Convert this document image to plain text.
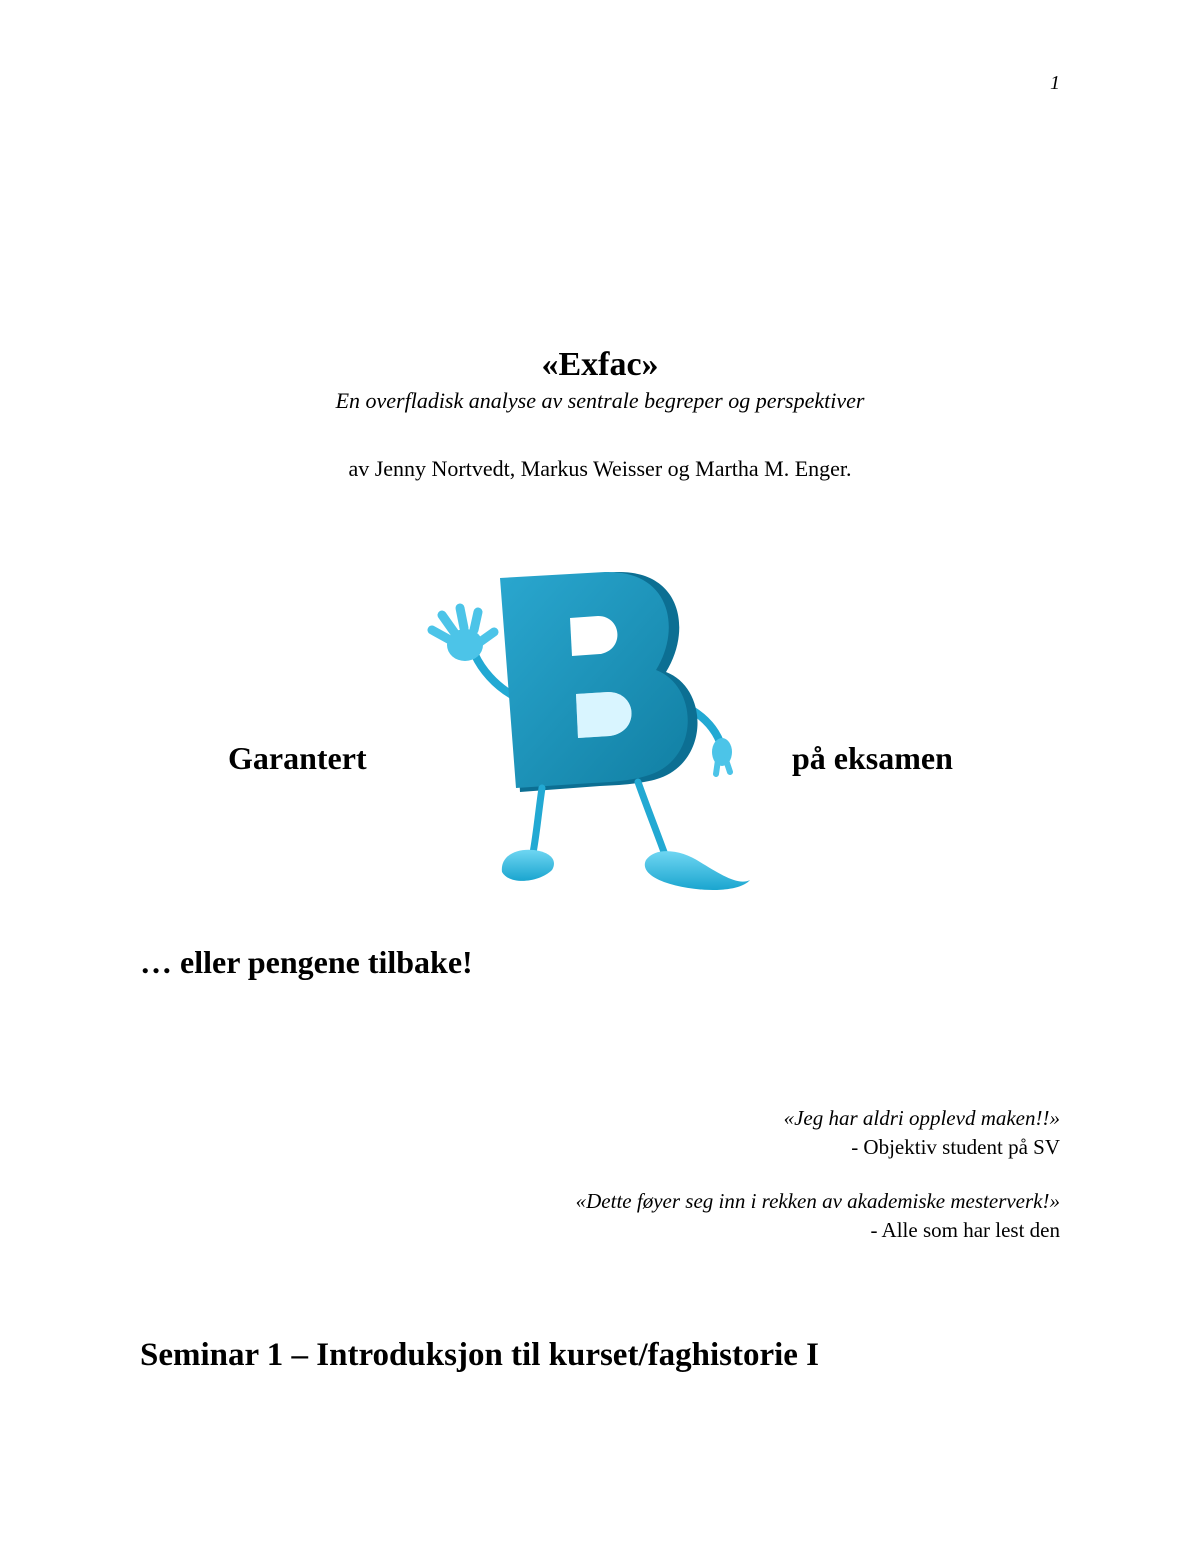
1
«Exfac»
En overfladisk analyse av sentrale begreper og perspektiver
av Jenny Nortvedt, Markus Weisser og Martha M. Enger.
Garantert	på eksamen
… eller pengene tilbake!
«Jeg har aldri opplevd maken!!»
- Objektiv student på SV
«Dette føyer seg inn i rekken av akademiske mesterverk!»
- Alle som har lest den
Seminar 1 – Introduksjon til kurset/faghistorie I
